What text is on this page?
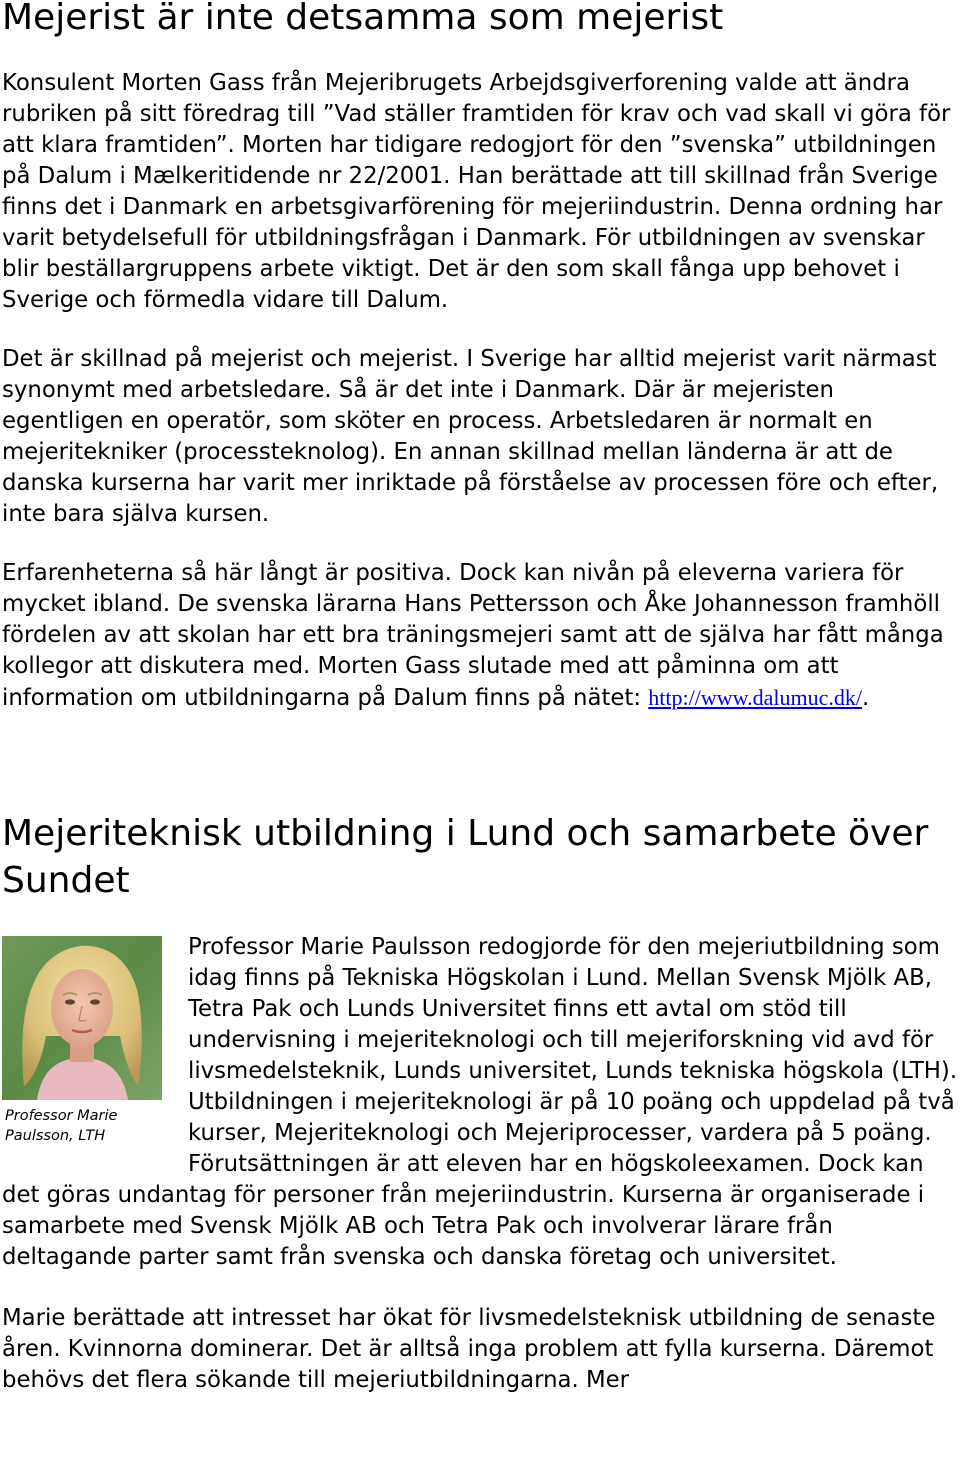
Mejerist är inte detsamma som mejerist

Konsulent Morten Gass från Mejeribrugets Arbejdsgiverforening valde att ändra rubriken på sitt föredrag till ”Vad ställer framtiden för krav och vad skall vi göra för att klara framtiden”. Morten har tidigare redogjort för den ”svenska” utbildningen på Dalum i Mælkeritidende nr 22/2001. Han berättade att till skillnad från Sverige finns det i Danmark en arbetsgivarförening för mejeriindustrin. Denna ordning har varit betydelsefull för utbildningsfrågan i Danmark. För utbildningen av svenskar blir beställargruppens arbete viktigt. Det är den som skall fånga upp behovet i Sverige och förmedla vidare till Dalum.

Det är skillnad på mejerist och mejerist. I Sverige har alltid mejerist varit närmast synonymt med arbetsledare. Så är det inte i Danmark. Där är mejeristen egentligen en operatör, som sköter en process. Arbetsledaren är normalt en mejeritekniker (processteknolog). En annan skillnad mellan länderna är att de danska kurserna har varit mer inriktade på förståelse av processen före och efter, inte bara själva kursen.

Erfarenheterna så här långt är positiva. Dock kan nivån på eleverna variera för mycket ibland. De svenska lärarna Hans Pettersson och Åke Johannesson framhöll fördelen av att skolan har ett bra träningsmejeri samt att de själva har fått många kollegor att diskutera med. Morten Gass slutade med att påminna om att information om utbildningarna på Dalum finns på nätet: http://www.dalumuc.dk/.

Mejeriteknisk utbildning i Lund och samarbete över Sundet
Professor Marie Paulsson, LTH

Professor Marie Paulsson redogjorde för den mejeriutbildning som idag finns på Tekniska Högskolan i Lund. Mellan Svensk Mjölk AB, Tetra Pak och Lunds Universitet finns ett avtal om stöd till undervisning i mejeriteknologi och till mejeriforskning vid avd för livsmedelsteknik, Lunds universitet, Lunds tekniska högskola (LTH). Utbildningen i mejeriteknologi är på 10 poäng och uppdelad på två kurser, Mejeriteknologi och Mejeriprocesser, vardera på 5 poäng. Förutsättningen är att eleven har en högskoleexamen. Dock kan det göras undantag för personer från mejeriindustrin. Kurserna är organiserade i samarbete med Svensk Mjölk AB och Tetra Pak och involverar lärare från deltagande parter samt från svenska och danska företag och universitet.

Marie berättade att intresset har ökat för livsmedelsteknisk utbildning de senaste åren. Kvinnorna dominerar. Det är alltså inga problem att fylla kurserna. Däremot behövs det flera sökande till mejeriutbildningarna. Mer
